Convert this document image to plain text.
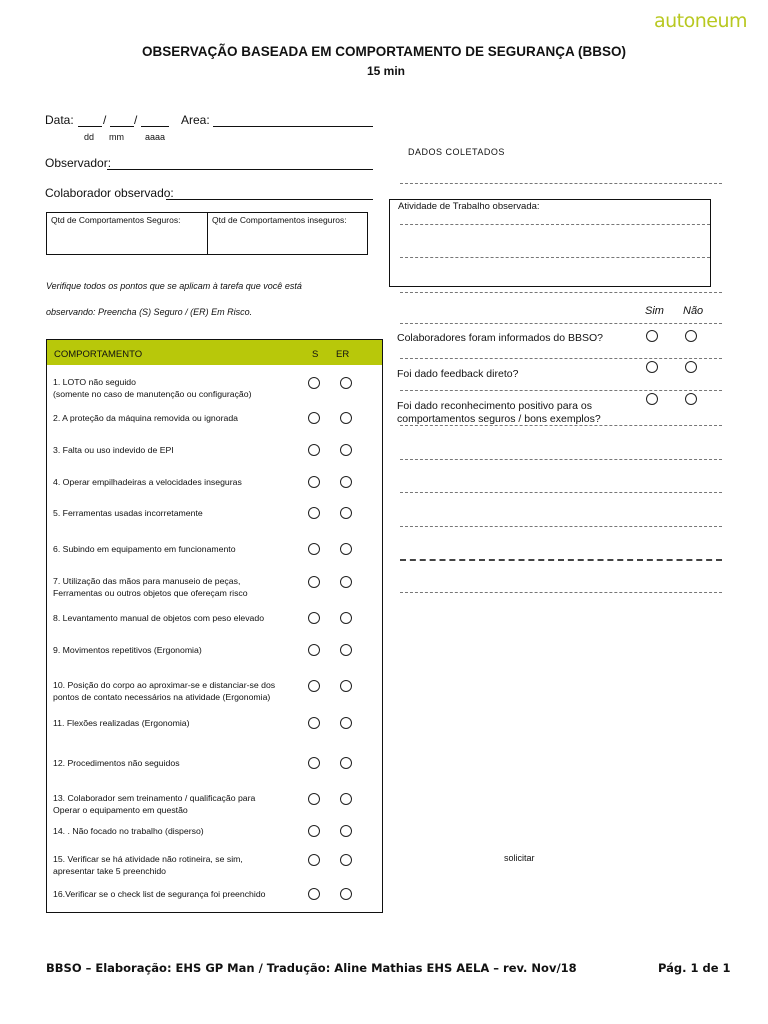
autoneum
OBSERVAÇÃO BASEADA EM COMPORTAMENTO DE SEGURANÇA (BBSO)
15 min
Data: / /
dd mm aaaa
Area:
Observador:
Colaborador observado:
Qtd de Comportamentos Seguros:	Qtd de Comportamentos inseguros:
Verifique todos os pontos que se aplicam à tarefa que você está
observando: Preencha (S) Seguro / (ER) Em Risco.
COMPORTAMENTO	S ER
1. LOTO não seguido
(somente no caso de manutenção ou configuração)
2. A proteção da máquina removida ou ignorada
3. Falta ou uso indevido de EPI
4. Operar empilhadeiras a velocidades inseguras
5. Ferramentas usadas incorretamente
6. Subindo em equipamento em funcionamento
7. Utilização das mãos para manuseio de peças,
Ferramentas ou outros objetos que ofereçam risco
8. Levantamento manual de objetos com peso elevado
9. Movimentos repetitivos (Ergonomia)
10. Posição do corpo ao aproximar-se e distanciar-se dos
pontos de contato necessários na atividade (Ergonomia)
11. Flexões realizadas (Ergonomia)
12. Procedimentos não seguidos
13. Colaborador sem treinamento / qualificação para
Operar o equipamento em questão
14. . Não focado no trabalho (disperso)
15. Verificar se há atividade não rotineira, se sim,
apresentar take 5 preenchido
16.Verificar se o check list de segurança foi preenchido
DADOS COLETADOS
Atividade de Trabalho observada:
Sim Não
Colaboradores foram informados do BBSO?
Foi dado feedback direto?
Foi dado reconhecimento positivo para os
comportamentos seguros / bons exemplos?
solicitar
BBSO – Elaboração: EHS GP Man / Tradução: Aline Mathias EHS AELA – rev. Nov/18	Pág. 1 de 1
